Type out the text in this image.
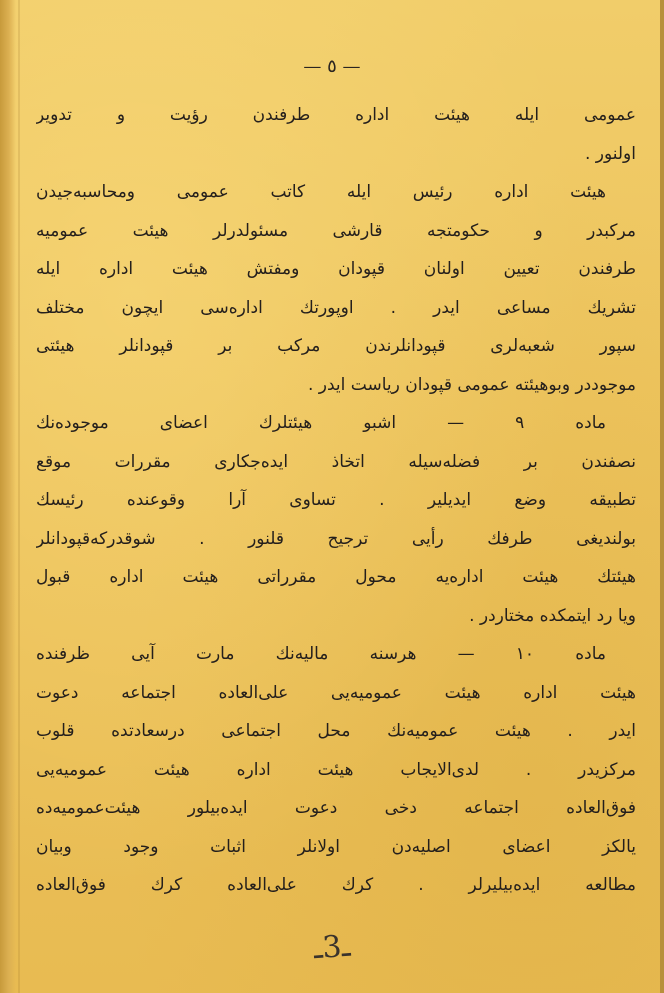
— ٥ —
عمومی ایله هیئت اداره طرفندن رؤیت و تدویر
اولنور .
هیئت اداره رئیس ایله کاتب عمومی ومحاسبه‌جیدن
مرکبدر و حکومتجه قارشی مسئولدرلر هیئت عمومیه
طرفندن تعیین اولنان قپودان ومفتش هیئت اداره ایله
تشریك مساعی ایدر . اوپورتك اداره‌سی ایچون مختلف
سپور شعبه‌لری قپودانلرندن مرکب بر قپودانلر هیئتی
موجوددر وبوهیئته عمومی قپودان ریاست ایدر .
ماده ۹ — اشبو هیئتلرك اعضای موجوده‌نك
نصفندن بر فضله‌سیله اتخاذ ایده‌جکاری مقررات موقع
تطبیقه وضع ایدیلیر . تساوی آرا وقوعنده رئیسك
بولندیغی طرفك رأیی ترجیح قلنور . شوقدرکه‌قپودانلر
هیئتك هیئت اداره‌یه محول مقرراتی هیئت اداره قبول
ویا رد ایتمکده مختاردر .
ماده ۱۰ — هرسنه مالیه‌نك مارت آیی ظرفنده
هیئت اداره هیئت عمومیه‌یی علی‌العاده اجتماعه دعوت
ایدر . هیئت عمومیه‌نك محل اجتماعی درسعادتده قلوب
مرکزیدر . لدی‌الایجاب هیئت اداره هیئت عمومیه‌یی
فوق‌العاده اجتماعه دخی دعوت ایده‌بیلور هیئت‌عمومیه‌ده
یالکز اعضای اصلیه‌دن اولانلر اثبات وجود وبیان
مطالعه ایده‌بیلیرلر . کرك علی‌العاده کرك فوق‌العاده
ـ3ـ
